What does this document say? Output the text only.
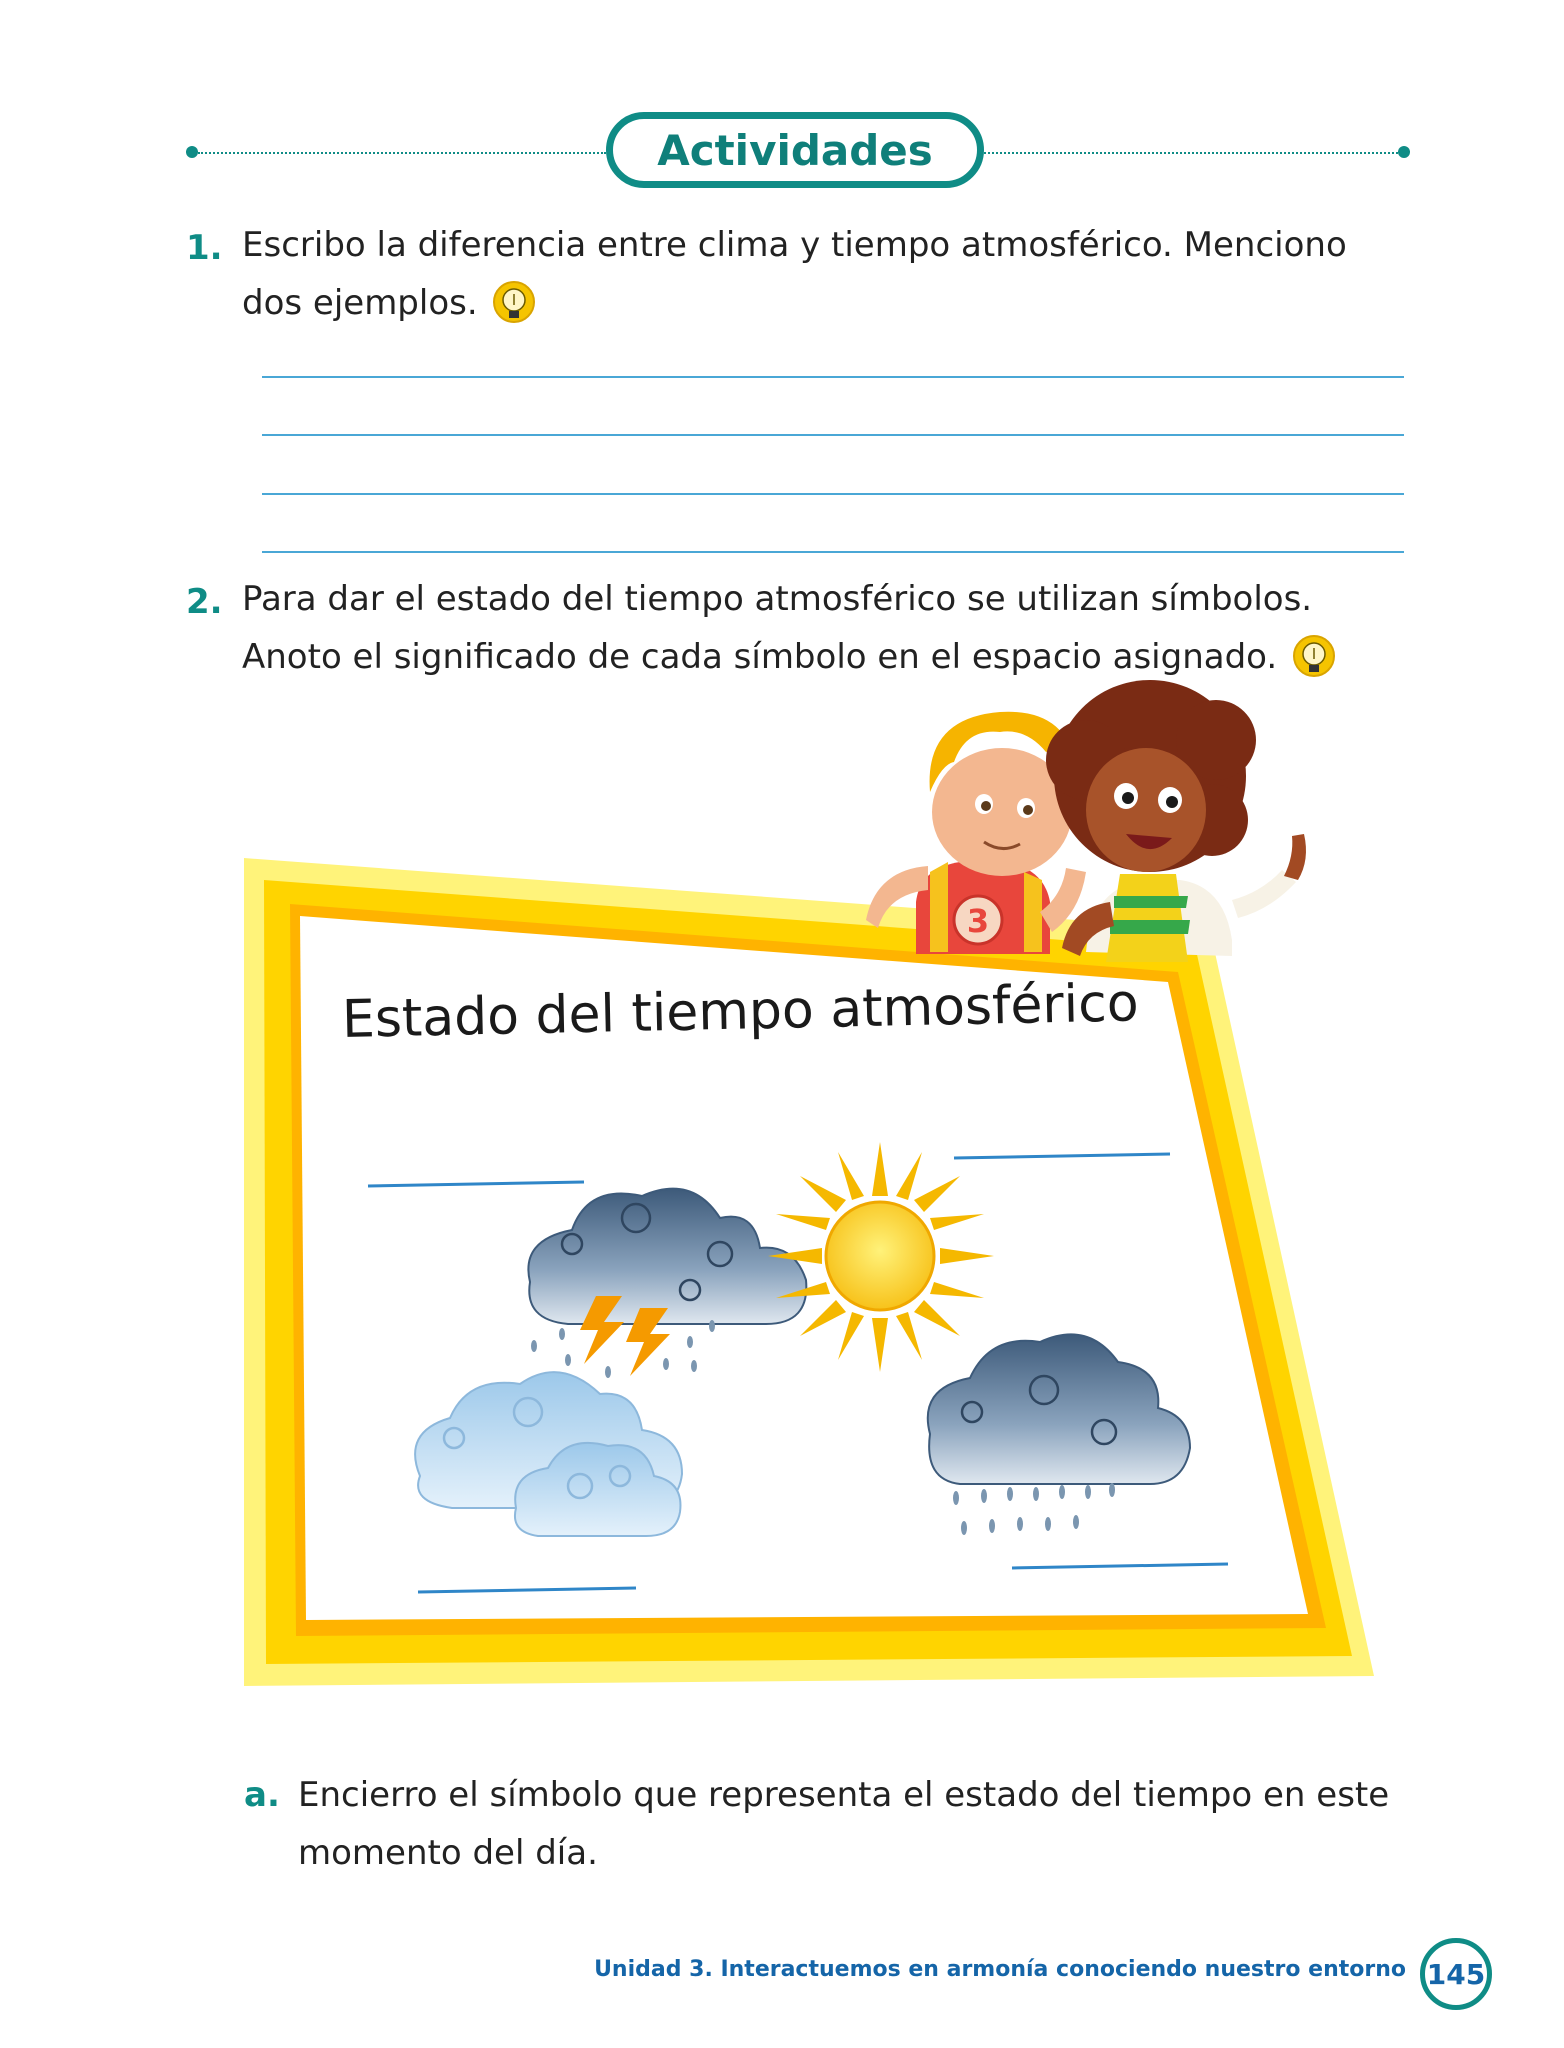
Actividades
1. Escribo la diferencia entre clima y tiempo atmosférico. Menciono dos ejemplos.
2. Para dar el estado del tiempo atmosférico se utilizan símbolos. Anoto el significado de cada símbolo en el espacio asignado.
3
Estado del tiempo atmosférico
a. Encierro el símbolo que representa el estado del tiempo en este momento del día.
Unidad 3. Interactuemos en armonía conociendo nuestro entorno 145
